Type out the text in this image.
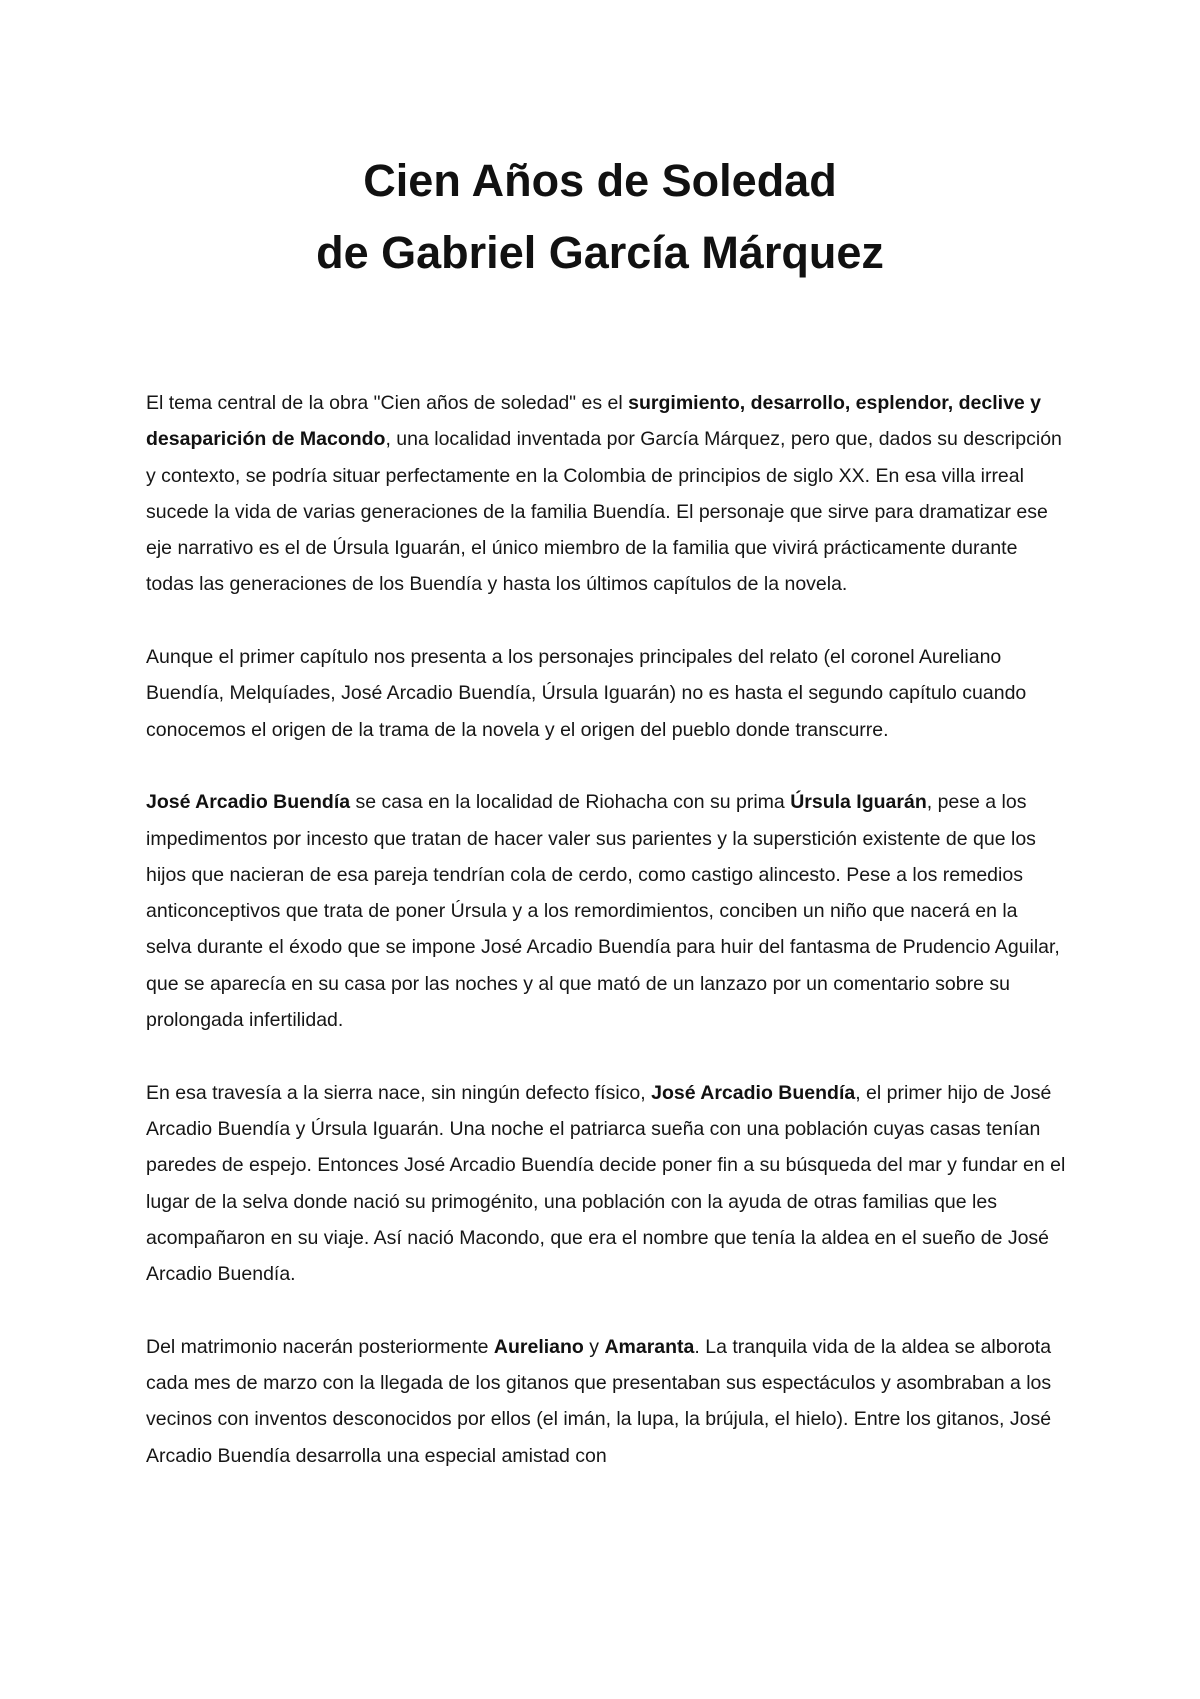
Cien Años de Soledad
de Gabriel García Márquez

El tema central de la obra "Cien años de soledad" es el surgimiento, desarrollo, esplendor, declive y desaparición de Macondo, una localidad inventada por García Márquez, pero que, dados su descripción y contexto, se podría situar perfectamente en la Colombia de principios de siglo XX. En esa villa irreal sucede la vida de varias generaciones de la familia Buendía. El personaje que sirve para dramatizar ese eje narrativo es el de Úrsula Iguarán, el único miembro de la familia que vivirá prácticamente durante todas las generaciones de los Buendía y hasta los últimos capítulos de la novela.

Aunque el primer capítulo nos presenta a los personajes principales del relato (el coronel Aureliano Buendía, Melquíades, José Arcadio Buendía, Úrsula Iguarán) no es hasta el segundo capítulo cuando conocemos el origen de la trama de la novela y el origen del pueblo donde transcurre.

José Arcadio Buendía se casa en la localidad de Riohacha con su prima Úrsula Iguarán, pese a los impedimentos por incesto que tratan de hacer valer sus parientes y la superstición existente de que los hijos que nacieran de esa pareja tendrían cola de cerdo, como castigo alincesto. Pese a los remedios anticonceptivos que trata de poner Úrsula y a los remordimientos, conciben un niño que nacerá en la selva durante el éxodo que se impone José Arcadio Buendía para huir del fantasma de Prudencio Aguilar, que se aparecía en su casa por las noches y al que mató de un lanzazo por un comentario sobre su prolongada infertilidad.

En esa travesía a la sierra nace, sin ningún defecto físico, José Arcadio Buendía, el primer hijo de José Arcadio Buendía y Úrsula Iguarán. Una noche el patriarca sueña con una población cuyas casas tenían paredes de espejo. Entonces José Arcadio Buendía decide poner fin a su búsqueda del mar y fundar en el lugar de la selva donde nació su primogénito, una población con la ayuda de otras familias que les acompañaron en su viaje. Así nació Macondo, que era el nombre que tenía la aldea en el sueño de José Arcadio Buendía.

Del matrimonio nacerán posteriormente Aureliano y Amaranta. La tranquila vida de la aldea se alborota cada mes de marzo con la llegada de los gitanos que presentaban sus espectáculos y asombraban a los vecinos con inventos desconocidos por ellos (el imán, la lupa, la brújula, el hielo). Entre los gitanos, José Arcadio Buendía desarrolla una especial amistad con
